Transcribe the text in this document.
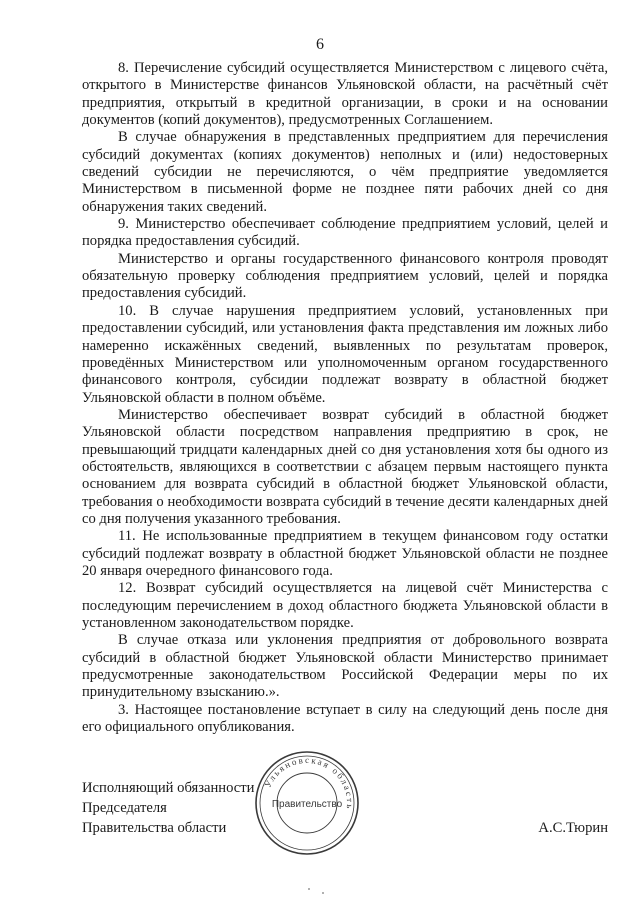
6

8. Перечисление субсидий осуществляется Министерством с лицевого счёта, открытого в Министерстве финансов Ульяновской области, на расчётный счёт предприятия, открытый в кредитной организации, в сроки и на основании документов (копий документов), предусмотренных Соглашением.

В случае обнаружения в представленных предприятием для перечисления субсидий документах (копиях документов) неполных и (или) недостоверных сведений субсидии не перечисляются, о чём предприятие уведомляется Министерством в письменной форме не позднее пяти рабочих дней со дня обнаружения таких сведений.

9. Министерство обеспечивает соблюдение предприятием условий, целей и порядка предоставления субсидий.

Министерство и органы государственного финансового контроля проводят обязательную проверку соблюдения предприятием условий, целей и порядка предоставления субсидий.

10. В случае нарушения предприятием условий, установленных при предоставлении субсидий, или установления факта представления им ложных либо намеренно искажённых сведений, выявленных по результатам проверок, проведённых Министерством или уполномоченным органом государственного финансового контроля, субсидии подлежат возврату в областной бюджет Ульяновской области в полном объёме.

Министерство обеспечивает возврат субсидий в областной бюджет Ульяновской области посредством направления предприятию в срок, не превышающий тридцати календарных дней со дня установления хотя бы одного из обстоятельств, являющихся в соответствии с абзацем первым настоящего пункта основанием для возврата субсидий в областной бюджет Ульяновской области, требования о необходимости возврата субсидий в течение десяти календарных дней со дня получения указанного требования.

11. Не использованные предприятием в текущем финансовом году остатки субсидий подлежат возврату в областной бюджет Ульяновской области не позднее 20 января очередного финансового года.

12. Возврат субсидий осуществляется на лицевой счёт Министерства с последующим перечислением в доход областного бюджета Ульяновской области в установленном законодательством порядке.

В случае отказа или уклонения предприятия от добровольного возврата субсидий в областной бюджет Ульяновской области Министерство принимает предусмотренные законодательством Российской Федерации меры по их принудительному взысканию.».

3. Настоящее постановление вступает в силу на следующий день после дня его официального опубликования.

Исполняющий обязанности

Председателя

Правительства области	А.С.Тюрин
Ульяновская область
Правительство
